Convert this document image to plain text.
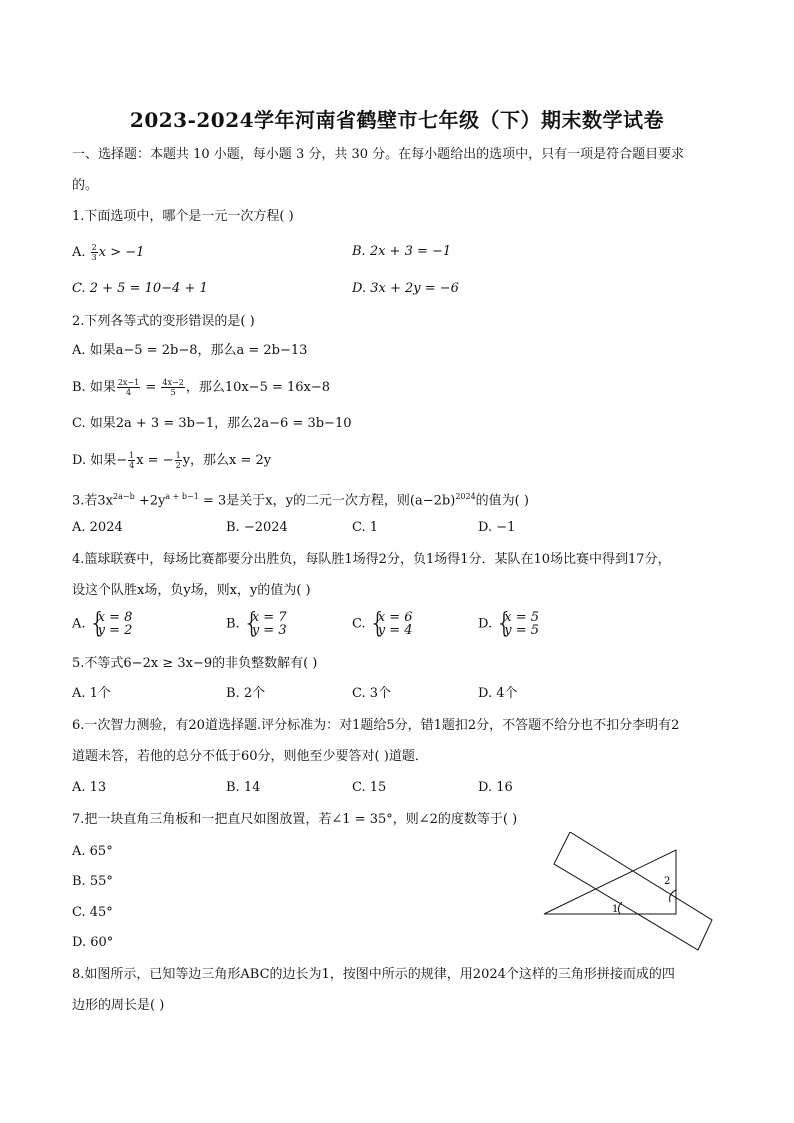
2023-2024学年河南省鹤壁市七年级（下）期末数学试卷
一、选择题：本题共 10 小题，每小题 3 分，共 30 分。在每小题给出的选项中，只有一项是符合题目要求
的。
1.下面选项中，哪个是一元一次方程( )
A. $\frac{2}{3}$ x > −1	B. 2x + 3 = −1
C. 2 + 5 = 10−4 + 1	D. 3x + 2y = −6
2.下列各等式的变形错误的是( )
A. 如果a−5 = 2b−8，那么a = 2b−13
B. 如果 $\frac{2x-1}{4} = \frac{4x-2}{5}$ ，那么10x−5 = 16x−8
C. 如果2a + 3 = 3b−1，那么2a−6 = 3b−10
D. 如果− $\frac{1}{4}$ x = − $\frac{1}{2}$ y，那么x = 2y
3.若$3x^{2a-b} +2y^{a + b-1} = 3$是关于x，y的二元一次方程，则$(a-2b)^{2024}$的值为( )
A. 2024	B. −2024	C. 1	D. −1
4.篮球联赛中，每场比赛都要分出胜负，每队胜1场得2分，负1场得1分．某队在10场比赛中得到17分，
设这个队胜x场，负y场，则x，y的值为( )
A. { x = 8
y = 2	B. { x = 7
y = 3	C. { x = 6
y = 4	D. { x = 5
y = 5
5.不等式6−2x ≥ 3x−9的非负整数解有( )
A. 1个	B. 2个	C. 3个	D. 4个
6.一次智力测验，有20道选择题.评分标准为：对1题给5分，错1题扣2分，不答题不给分也不扣分李明有2
道题未答，若他的总分不低于60分，则他至少要答对( )道题．
A. 13	B. 14	C. 15	D. 16
7.把一块直角三角板和一把直尺如图放置，若∠1 = 35°，则∠2的度数等于( )
A. 65°
B. 55°
C. 45°
D. 60°
1
2
8.如图所示，已知等边三角形ABC的边长为1，按图中所示的规律，用2024个这样的三角形拼接而成的四
边形的周长是( )
